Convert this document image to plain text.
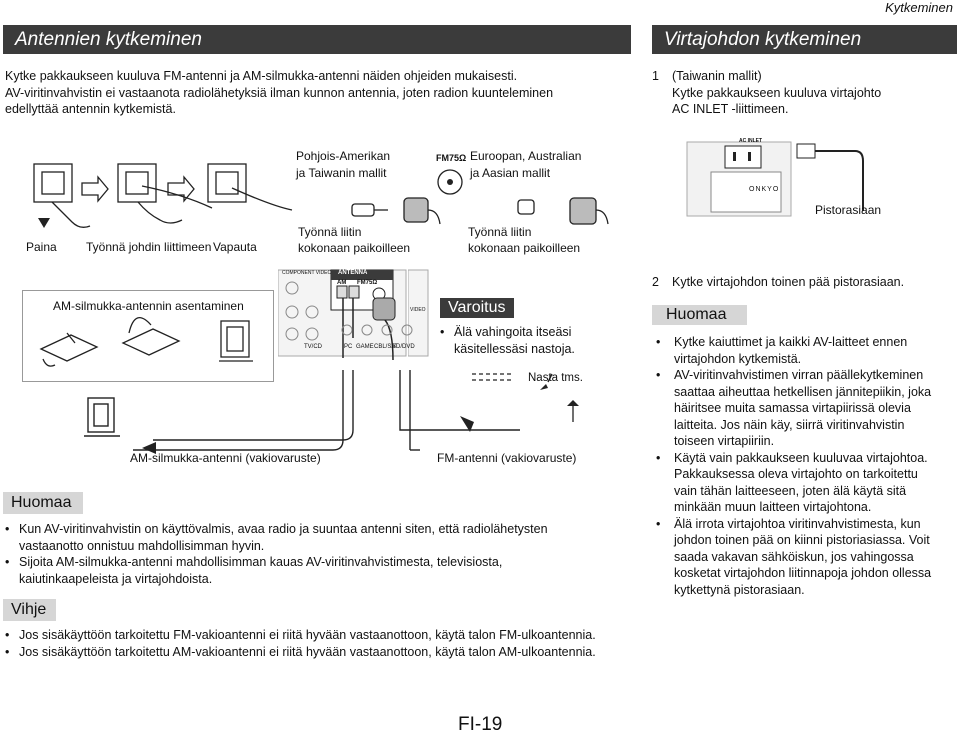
Kytkeminen
Antennien kytkeminen
Kytke pakkaukseen kuuluva FM-antenni ja AM-silmukka-antenni näiden ohjeiden mukaisesti.
AV-viritinvahvistin ei vastaanota radiolähetyksiä ilman kunnon antennia, joten radion kuunteleminen
edellyttää antennin kytkemistä.
Virtajohdon kytkeminen
1	(Taiwanin mallit)
Kytke pakkaukseen kuuluva virtajohto
AC INLET -liittimeen.
Paina Työnnä johdin liittimeen Vapauta
Pohjois-Amerikan
ja Taiwanin mallit
FM75Ω Euroopan, Australian
ja Aasian mallit
Työnnä liitin
kokonaan paikoilleen
Työnnä liitin
kokonaan paikoilleen
AC INLET
ONKYO
Pistorasiaan
AM-silmukka-antennin asentaminen
TV/CD
ANTENNA
AM FM75Ω
COMPONENT VIDEO
PC GAME CBL/SAT
BD/DVD
VIDEO	Varoitus
• Älä vahingoita itseäsi
käsitellessäsi nastoja.
Nasta tms.
AM-silmukka-antenni (vakiovaruste)	FM-antenni (vakiovaruste)
Huomaa
• Kun AV-viritinvahvistin on käyttövalmis, avaa radio ja suuntaa antenni siten, että radiolähetysten
vastaanotto onnistuu mahdollisimman hyvin.
• Sijoita AM-silmukka-antenni mahdollisimman kauas AV-viritinvahvistimesta, televisiosta,
kaiutinkaapeleista ja virtajohdoista.
Vihje
• Jos sisäkäyttöön tarkoitettu FM-vakioantenni ei riitä hyvään vastaanottoon, käytä talon FM-ulkoantennia.
• Jos sisäkäyttöön tarkoitettu AM-vakioantenni ei riitä hyvään vastaanottoon, käytä talon AM-ulkoantennia.
2	Kytke virtajohdon toinen pää pistorasiaan.
Huomaa
• Kytke kaiuttimet ja kaikki AV-laitteet ennen
virtajohdon kytkemistä.
• AV-viritinvahvistimen virran päällekytkeminen
saattaa aiheuttaa hetkellisen jännitepiikin, joka
häiritsee muita samassa virtapiirissä olevia
laitteita. Jos näin käy, siirrä viritinvahvistin
toiseen virtapiiriin.
• Käytä vain pakkaukseen kuuluvaa virtajohtoa.
Pakkauksessa oleva virtajohto on tarkoitettu
vain tähän laitteeseen, joten älä käytä sitä
minkään muun laitteen virtajohtona.
• Älä irrota virtajohtoa viritinvahvistimesta, kun
johdon toinen pää on kiinni pistoriasiassa. Voit
saada vakavan sähköiskun, jos vahingossa
kosketat virtajohdon liitinnapoja johdon ollessa
kytkettynä pistorasiaan.
FI-19
